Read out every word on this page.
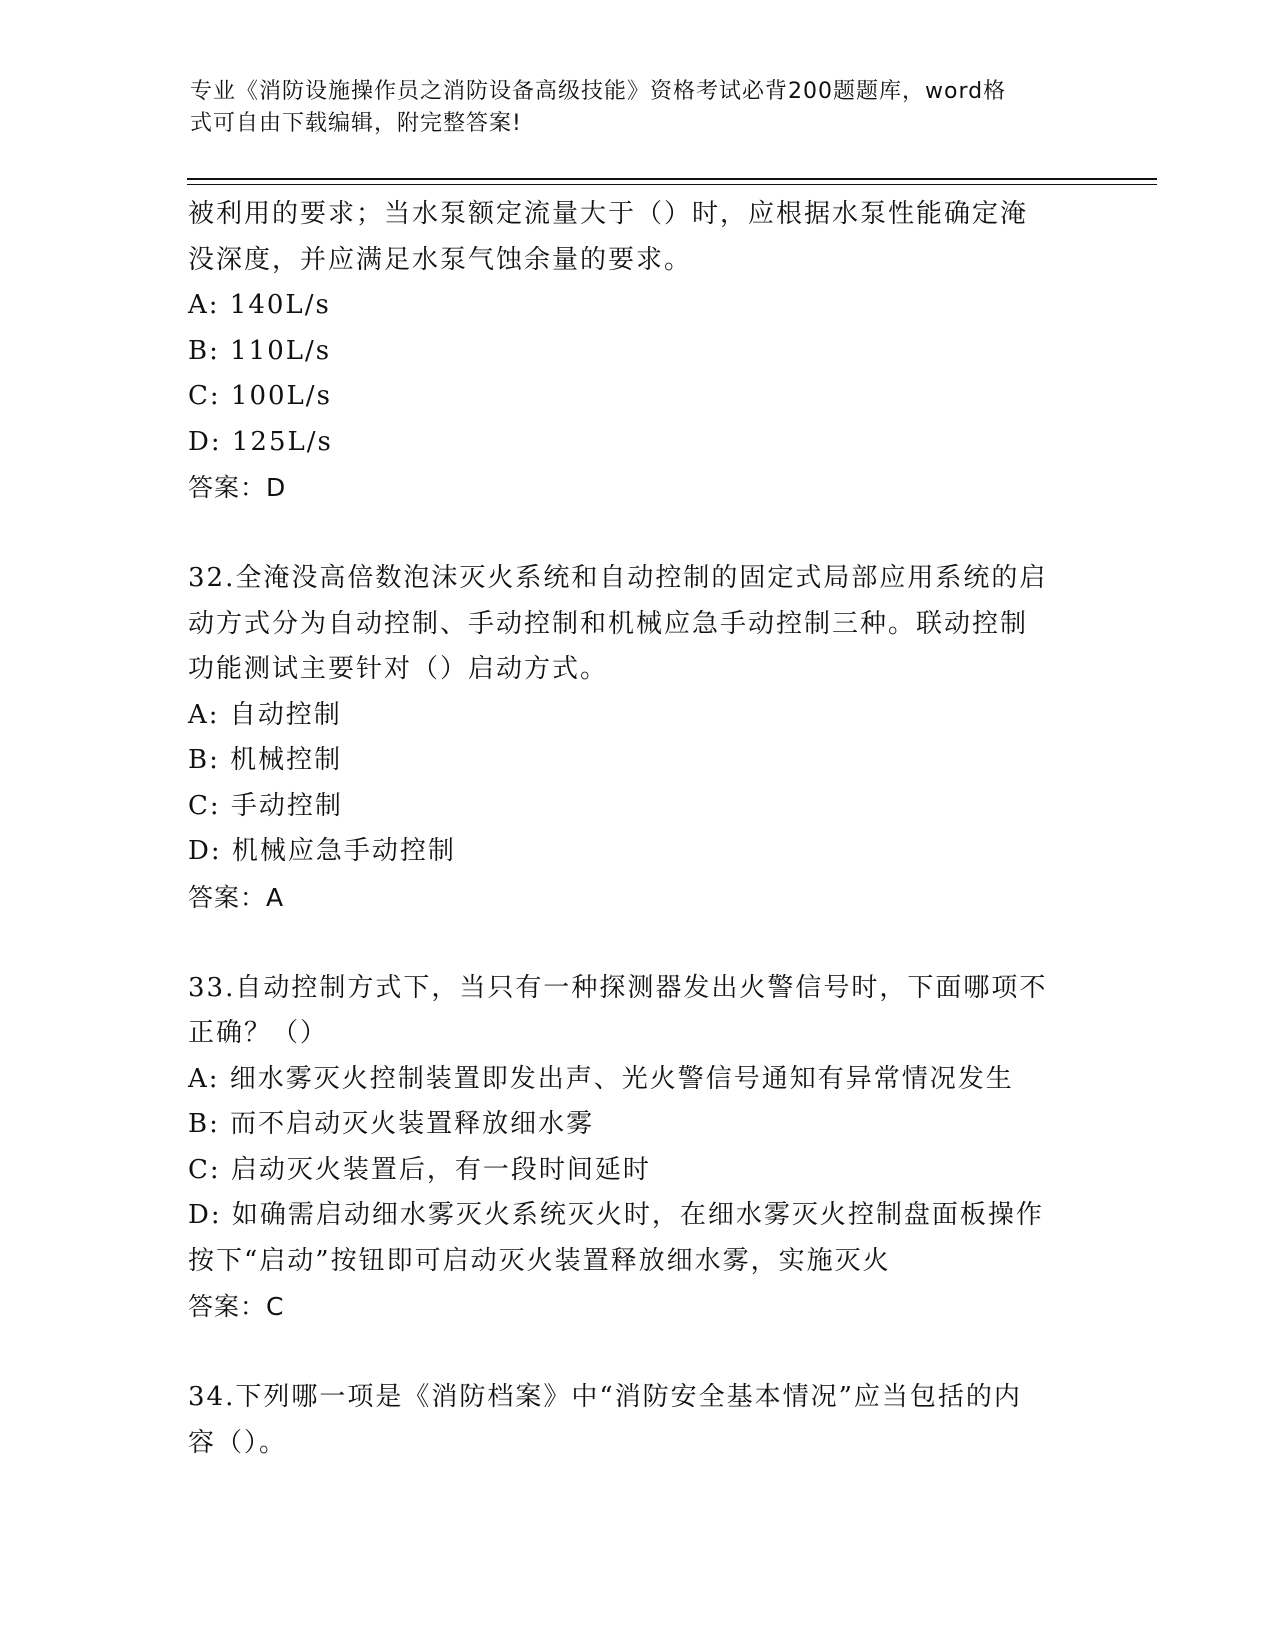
专业《消防设施操作员之消防设备高级技能》资格考试必背200题题库，word格
式可自由下载编辑，附完整答案!
被利用的要求；当水泵额定流量大于（）时，应根据水泵性能确定淹
没深度，并应满足水泵气蚀余量的要求。
A: 140L/s
B: 110L/s
C: 100L/s
D: 125L/s
答案：D
32.全淹没高倍数泡沫灭火系统和自动控制的固定式局部应用系统的启
动方式分为自动控制、手动控制和机械应急手动控制三种。联动控制
功能测试主要针对（）启动方式。
A: 自动控制
B: 机械控制
C: 手动控制
D: 机械应急手动控制
答案：A
33.自动控制方式下，当只有一种探测器发出火警信号时，下面哪项不
正确？（）
A: 细水雾灭火控制装置即发出声、光火警信号通知有异常情况发生
B: 而不启动灭火装置释放细水雾
C: 启动灭火装置后，有一段时间延时
D: 如确需启动细水雾灭火系统灭火时，在细水雾灭火控制盘面板操作
按下“启动”按钮即可启动灭火装置释放细水雾，实施灭火
答案：C
34.下列哪一项是《消防档案》中“消防安全基本情况”应当包括的内
容（）。
